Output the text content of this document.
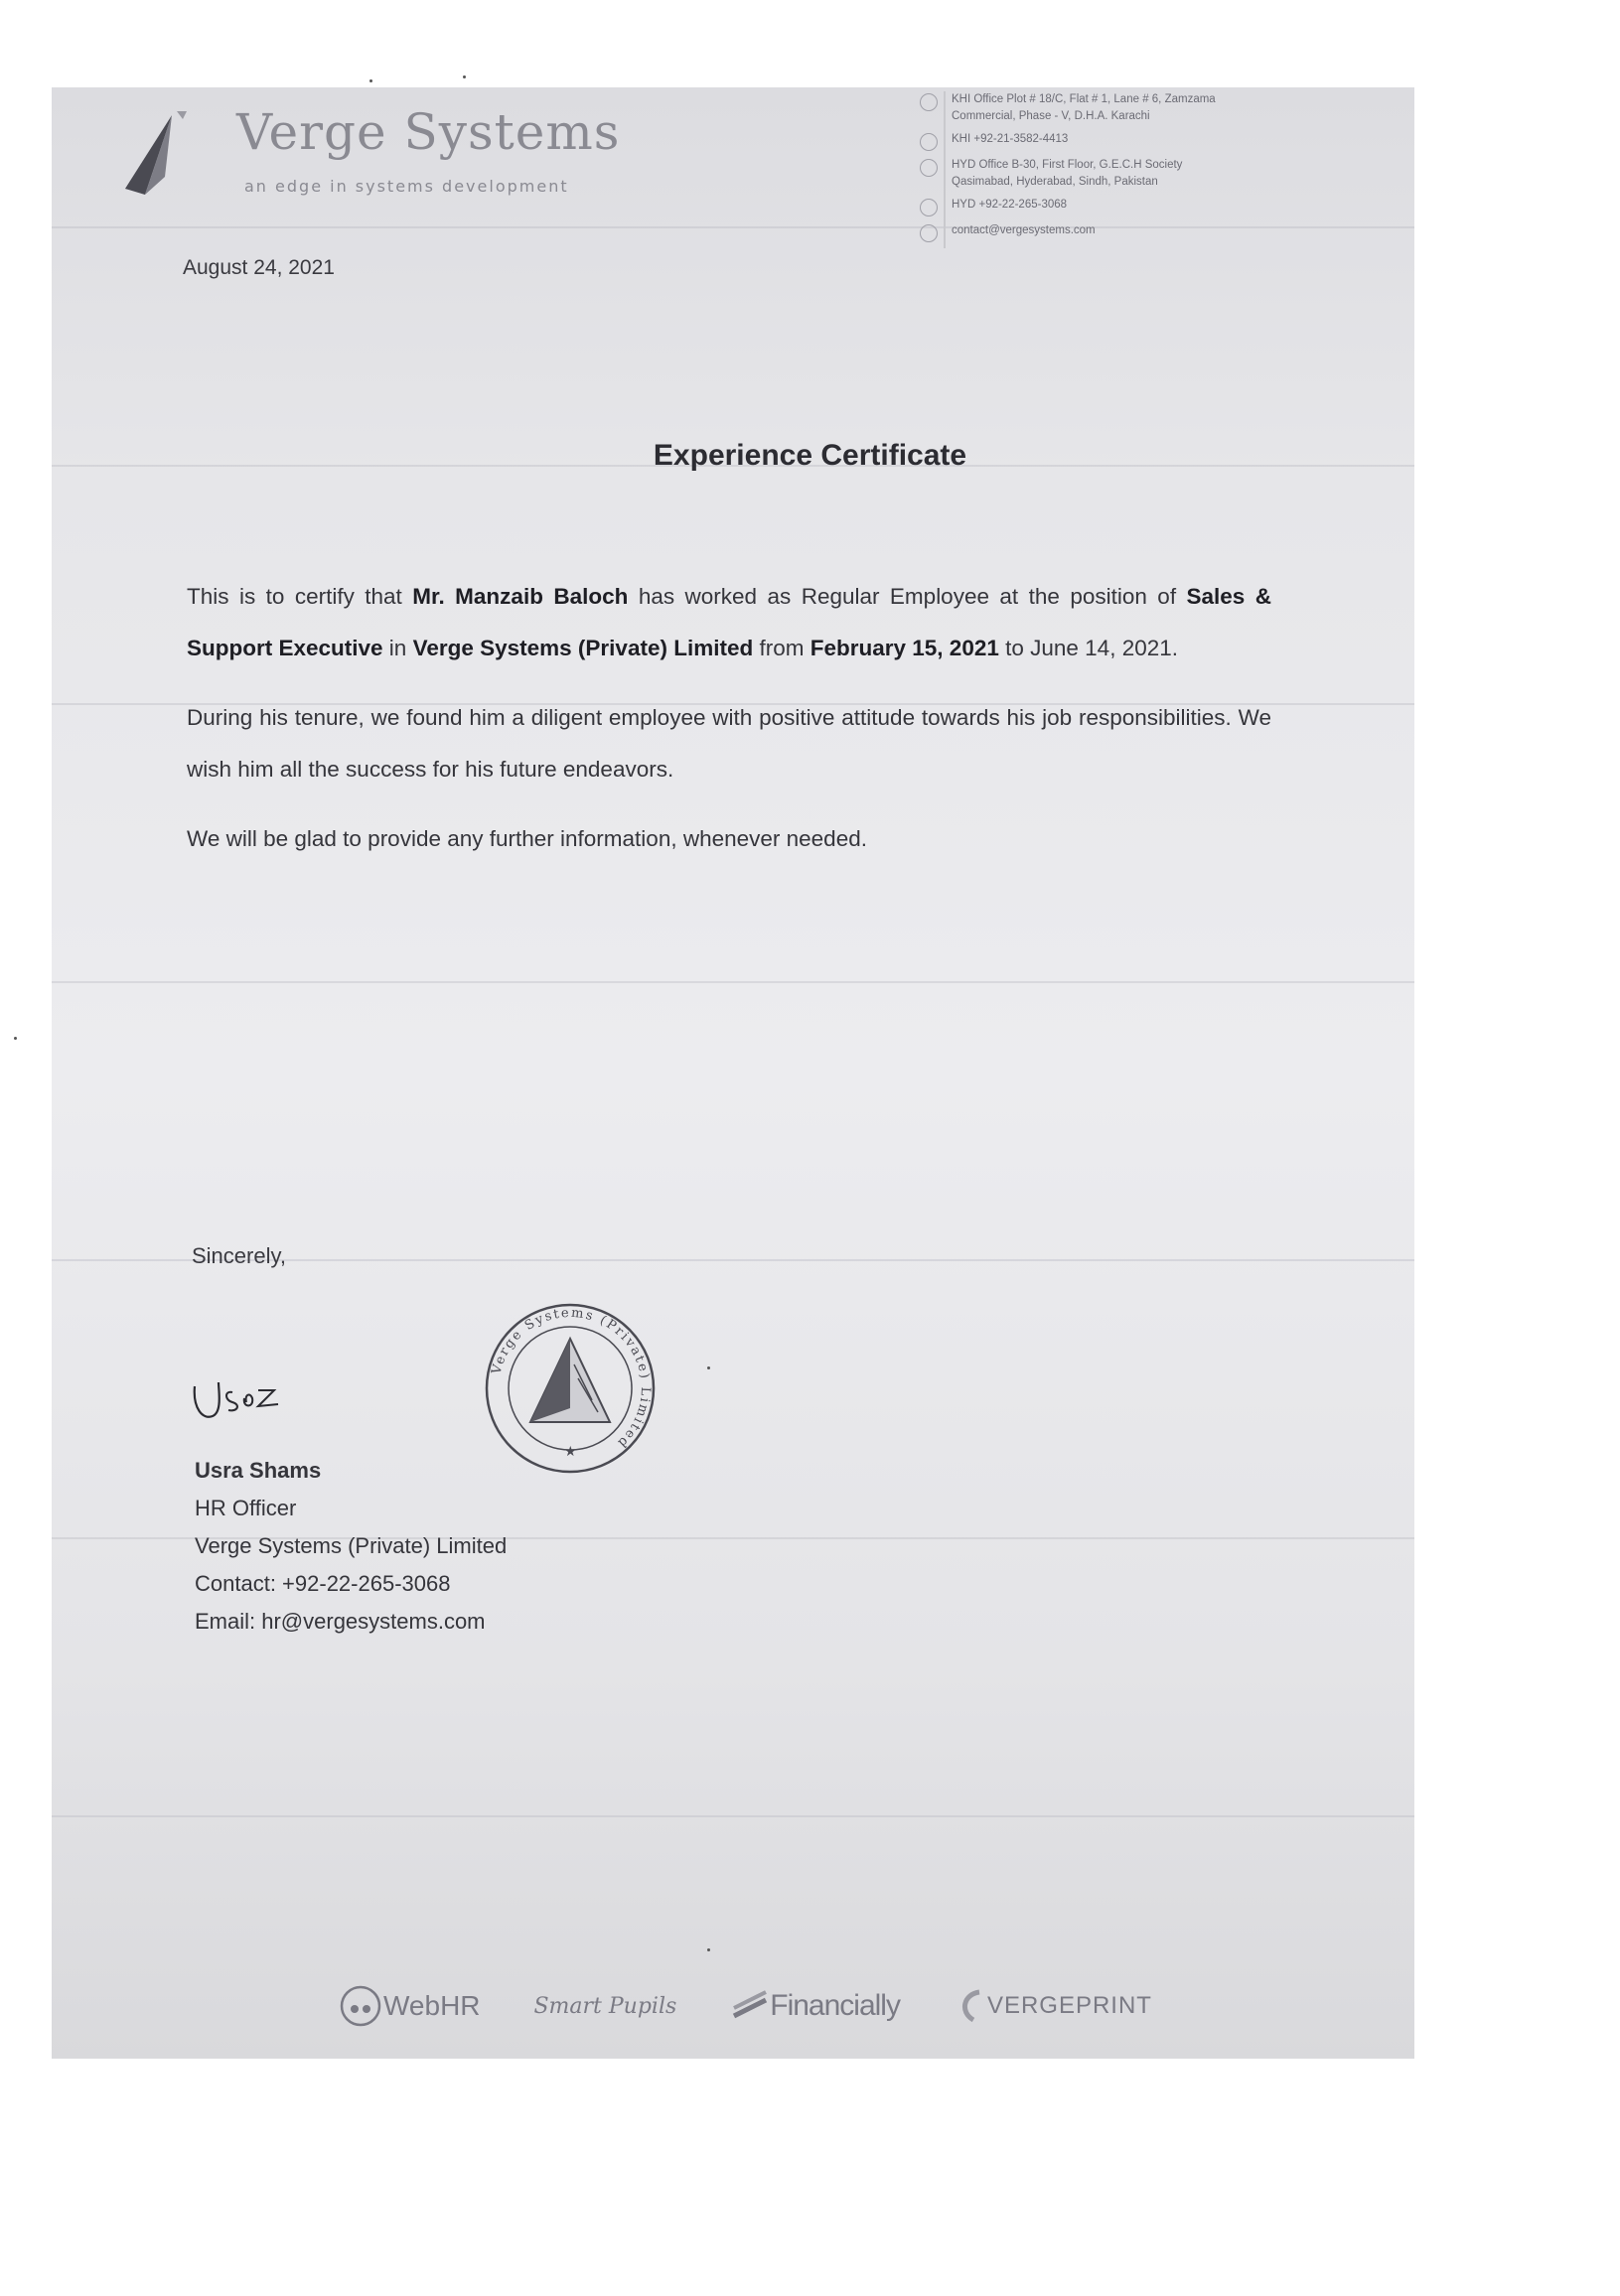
Verge Systems
an edge in systems development
KHI Office Plot # 18/C, Flat # 1, Lane # 6, Zamzama
Commercial, Phase - V, D.H.A. Karachi
KHI +92-21-3582-4413
HYD Office B-30, First Floor, G.E.C.H Society
Qasimabad, Hyderabad, Sindh, Pakistan
HYD +92-22-265-3068
contact@vergesystems.com
August 24, 2021
Experience Certificate

This is to certify that Mr. Manzaib Baloch has worked as Regular Employee at the position of Sales & Support Executive in Verge Systems (Private) Limited from February 15, 2021 to June 14, 2021.

During his tenure, we found him a diligent employee with positive attitude towards his job responsibilities. We wish him all the success for his future endeavors.

We will be glad to provide any further information, whenever needed.

Sincerely,
Verge Systems (Private) Limited
★
Usra Shams
HR Officer
Verge Systems (Private) Limited
Contact: +92-22-265-3068
Email: hr@vergesystems.com
WebHR Smart Pupils	Financially	VERGEPRINT
